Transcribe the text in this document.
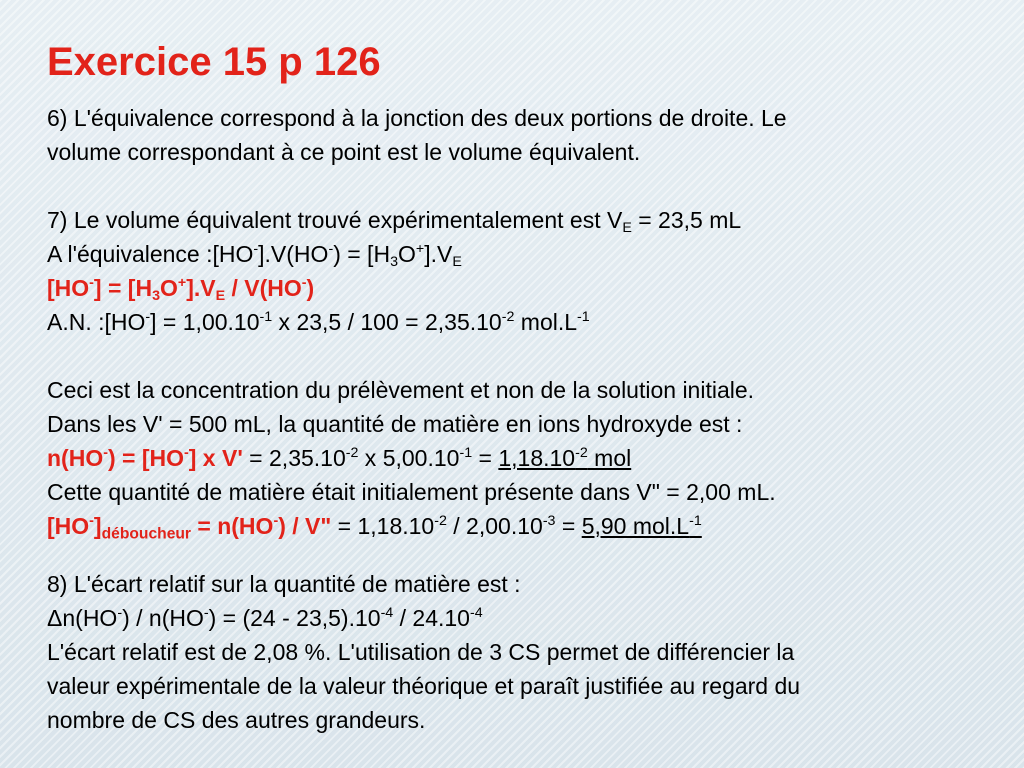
Exercice 15 p 126
6) L'équivalence correspond à la jonction des deux portions de droite. Le
volume correspondant à ce point est le volume équivalent.
7) Le volume équivalent trouvé expérimentalement est $V_E = 23,5$ mL
A l'équivalence :[HO-].V(HO-) = $[H_3O^+].V_E$
$[HO^-] = [H_3O^+].V_E / V(HO^-)$
A.N. :[HO-] = $1,00.10^{-1}$ x $23,5 / 100 = 2,35.10^{-2}$ $mol.L^{-1}$
Ceci est la concentration du prélèvement et non de la solution initiale.
Dans les V' = 500 mL, la quantité de matière en ions hydroxyde est :
n(HO-) = [HO-] x $V' = 2,35.10^{-2}$ x $5,00.10^{-1} = 1,18.10^{-2}$ mol
Cette quantité de matière était initialement présente dans V" = 2,00 mL.
$[HO^-]_{déboucheur} = n(HO^-) / V$" = $1,18.10^{-2} / 2,00.10^{-3} = 5,90$ $mol.L^{-1}$
8) L'écart relatif sur la quantité de matière est :
$\Delta n(HO^-) / n(HO^-) = (24 - 23,5).10^{-4} / 24.10^{-4}$
L'écart relatif est de 2,08 %. L'utilisation de 3 CS permet de différencier la
valeur expérimentale de la valeur théorique et paraît justifiée au regard du
nombre de CS des autres grandeurs.
